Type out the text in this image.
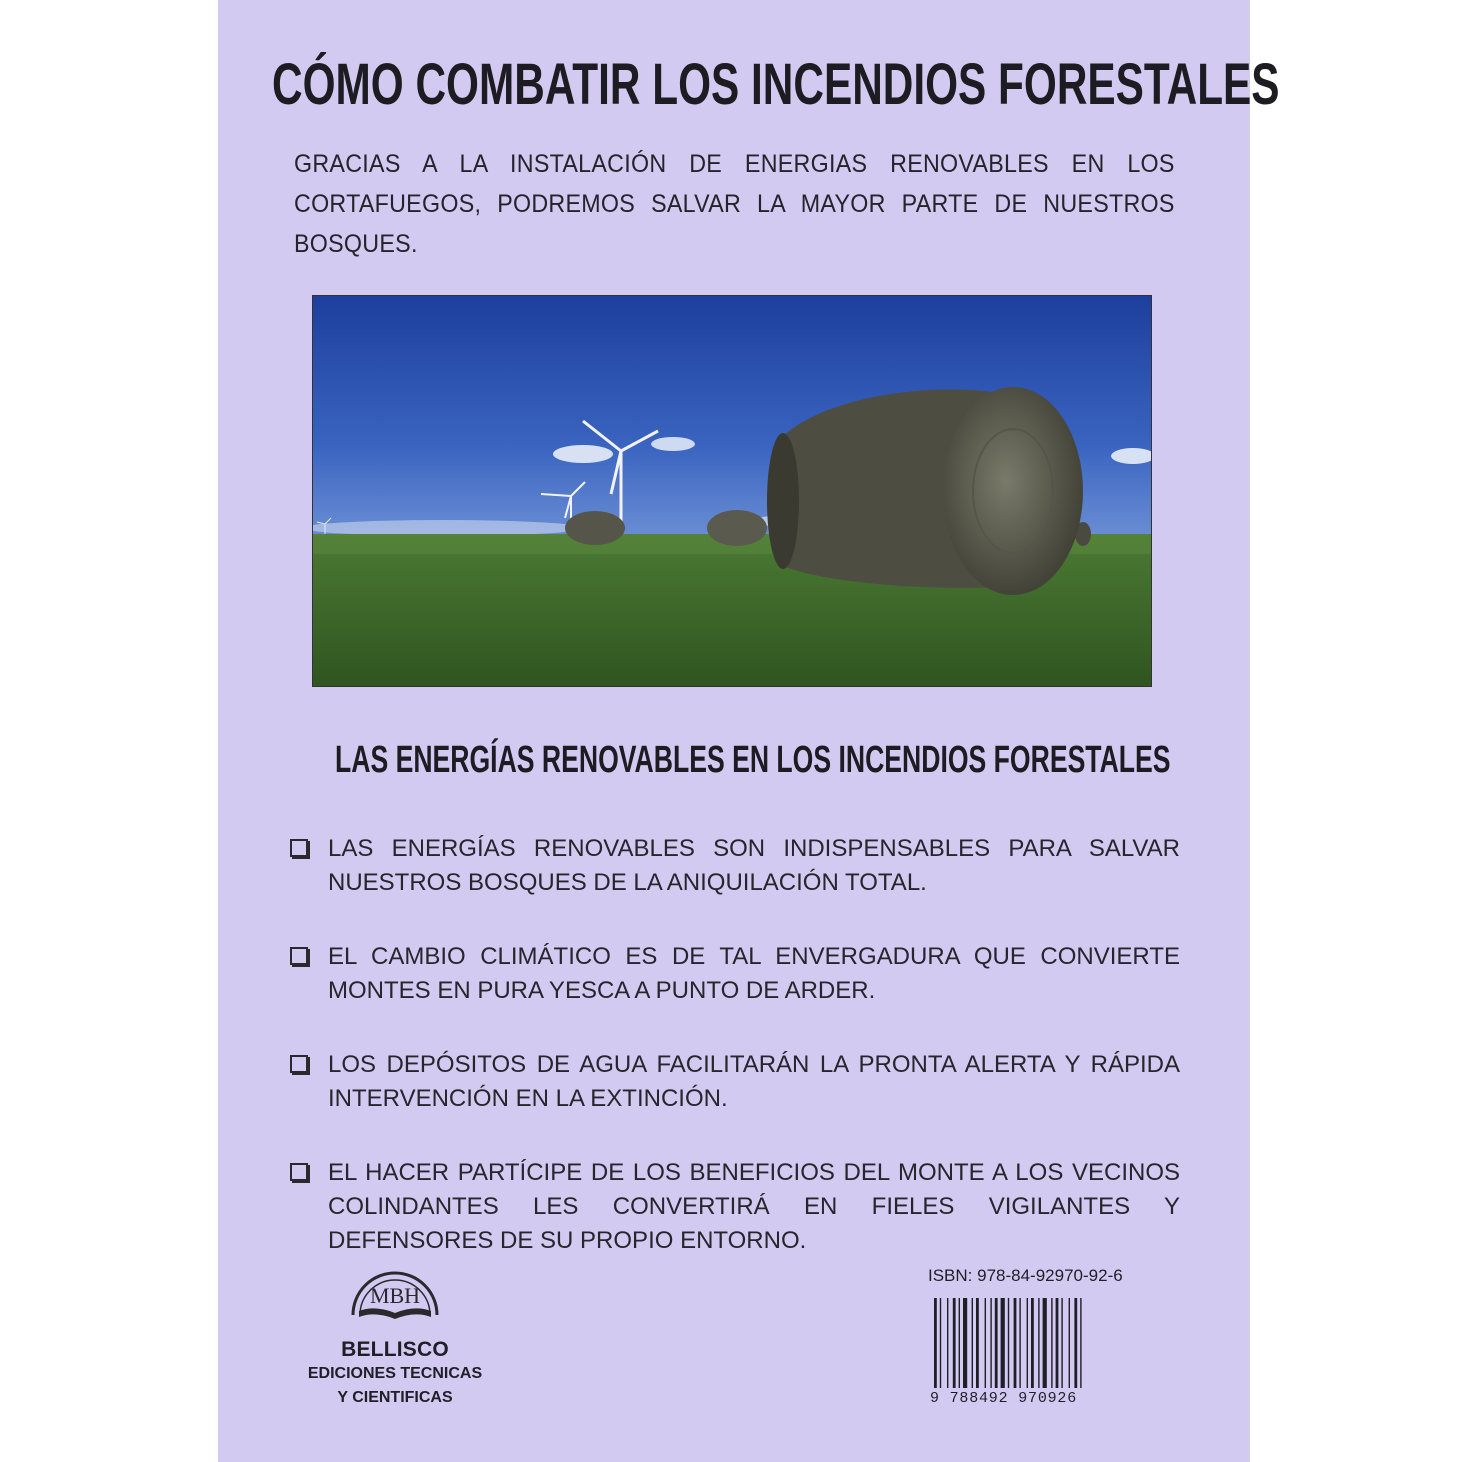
CÓMO COMBATIR LOS INCENDIOS FORESTALES
GRACIAS A LA INSTALACIÓN DE ENERGIAS RENOVABLES EN LOS CORTAFUEGOS, PODREMOS SALVAR LA MAYOR PARTE DE NUESTROS BOSQUES.
LAS ENERGÍAS RENOVABLES EN LOS INCENDIOS FORESTALES
LAS ENERGÍAS RENOVABLES SON INDISPENSABLES PARA SALVAR NUESTROS BOSQUES DE LA ANIQUILACIÓN TOTAL.
EL CAMBIO CLIMÁTICO ES DE TAL ENVERGADURA QUE CONVIERTE MONTES EN PURA YESCA A PUNTO DE ARDER.
LOS DEPÓSITOS DE AGUA FACILITARÁN LA PRONTA ALERTA Y RÁPIDA INTERVENCIÓN EN LA EXTINCIÓN.
EL HACER PARTÍCIPE DE LOS BENEFICIOS DEL MONTE A LOS VECINOS COLINDANTES LES CONVERTIRÁ EN FIELES VIGILANTES Y DEFENSORES DE SU PROPIO ENTORNO.
MBH
BELLISCO
EDICIONES TECNICAS
Y CIENTIFICAS
ISBN: 978-84-92970-92-6
9 788492 970926
